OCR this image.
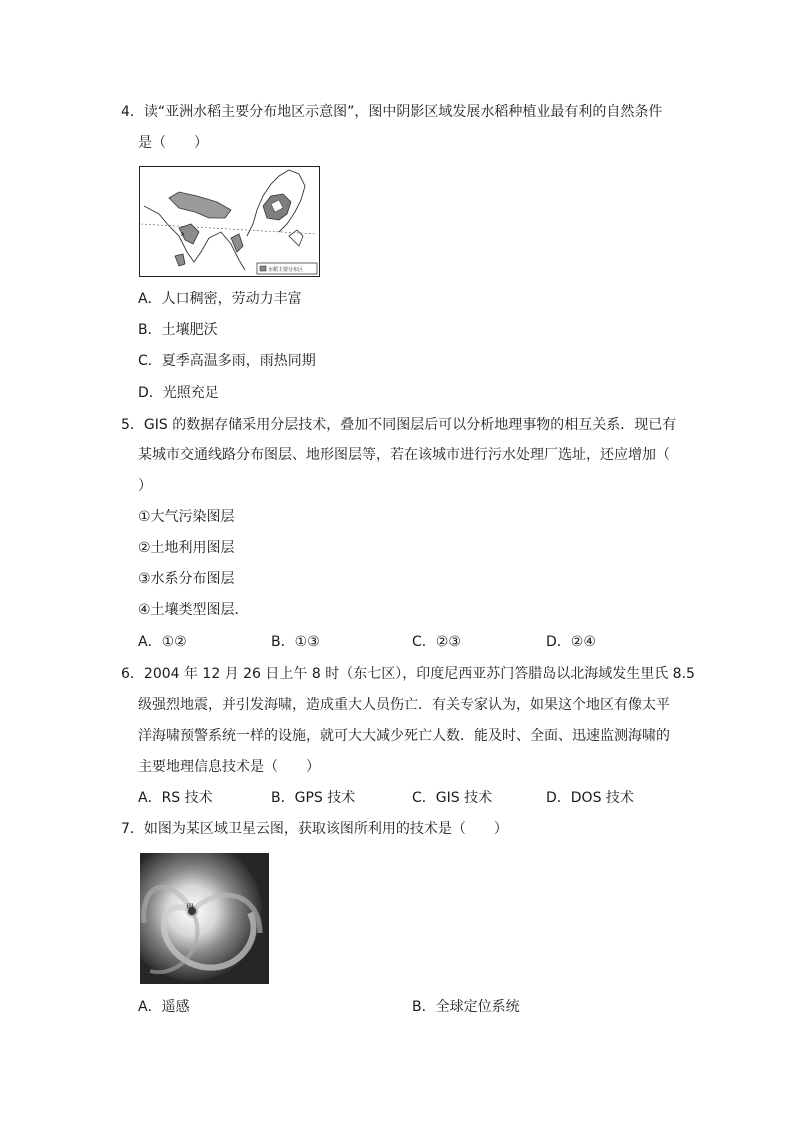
4．读“亚洲水稻主要分布地区示意图”，图中阴影区域发展水稻种植业最有利的自然条件
是（　　）
A
水稻主要分布区
A．人口稠密，劳动力丰富
B．土壤肥沃
C．夏季高温多雨，雨热同期
D．光照充足
5．GIS 的数据存储采用分层技术，叠加不同图层后可以分析地理事物的相互关系．现已有
某城市交通线路分布图层、地形图层等，若在该城市进行污水处理厂选址，还应增加（
）
①大气污染图层
②土地利用图层
③水系分布图层
④土壤类型图层．
A．①②	B．①③	C．②③	D．②④
6．2004 年 12 月 26 日上午 8 时（东七区），印度尼西亚苏门答腊岛以北海域发生里氏 8.5
级强烈地震，并引发海啸，造成重大人员伤亡．有关专家认为，如果这个地区有像太平
洋海啸预警系统一样的设施，就可大大减少死亡人数．能及时、全面、迅速监测海啸的
主要地理信息技术是（　　）
A．RS 技术	B．GPS 技术	C．GIS 技术	D．DOS 技术
7．如图为某区域卫星云图，获取该图所利用的技术是（　　）
甲
A．遥感	B．全球定位系统
